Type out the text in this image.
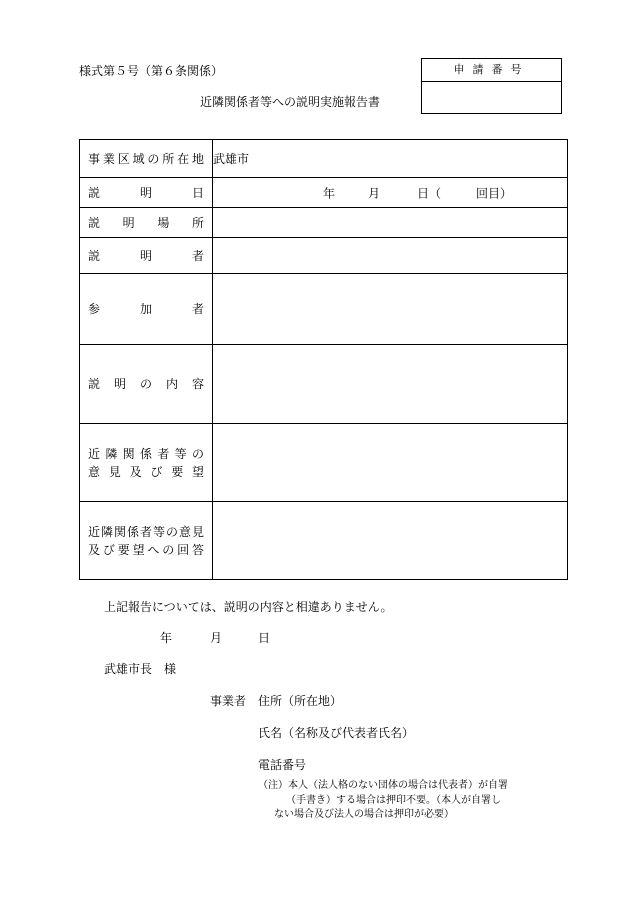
様式第５号（第６条関係）
近隣関係者等への説明実施報告書
申請番号
事業区域の所在地	武雄市

説明日	年 月 日（ 回目）

説明場所	

説明者	

参加者	

説明の内容	

近隣関係者等の
意見及び要望	

近隣関係者等の意見
及び要望への回答	

上記報告については、説明の内容と相違ありません。
年	月	日
武雄市長　様
事業者 住所（所在地）
氏名（名称及び代表者氏名）
電話番号
（注）本人（法人格のない団体の場合は代表者）が自署
（手書き）する場合は押印不要。（本人が自署し
ない場合及び法人の場合は押印が必要）
